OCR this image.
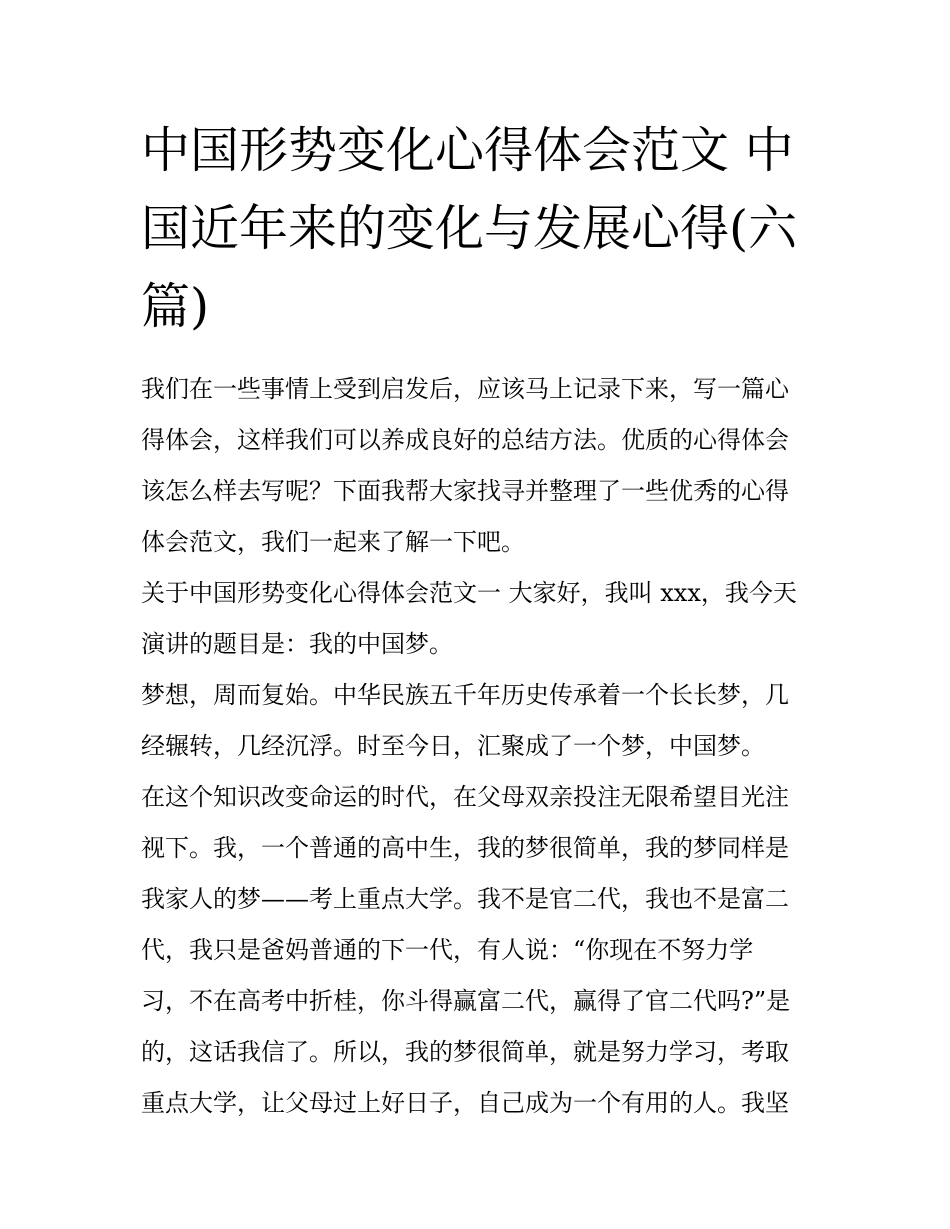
中国形势变化心得体会范文 中
国近年来的变化与发展心得(六
篇)

我们在一些事情上受到启发后，应该马上记录下来，写一篇心
得体会，这样我们可以养成良好的总结方法。优质的心得体会
该怎么样去写呢？下面我帮大家找寻并整理了一些优秀的心得
体会范文，我们一起来了解一下吧。

关于中国形势变化心得体会范文一 大家好，我叫 xxx，我今天
演讲的题目是：我的中国梦。

梦想，周而复始。中华民族五千年历史传承着一个长长梦，几
经辗转，几经沉浮。时至今日，汇聚成了一个梦，中国梦。

在这个知识改变命运的时代，在父母双亲投注无限希望目光注
视下。我，一个普通的高中生，我的梦很简单，我的梦同样是
我家人的梦——考上重点大学。我不是官二代，我也不是富二
代，我只是爸妈普通的下一代，有人说：“你现在不努力学
习，不在高考中折桂，你斗得赢富二代，赢得了官二代吗?”是
的，这话我信了。所以，我的梦很简单，就是努力学习，考取
重点大学，让父母过上好日子，自己成为一个有用的人。我坚
